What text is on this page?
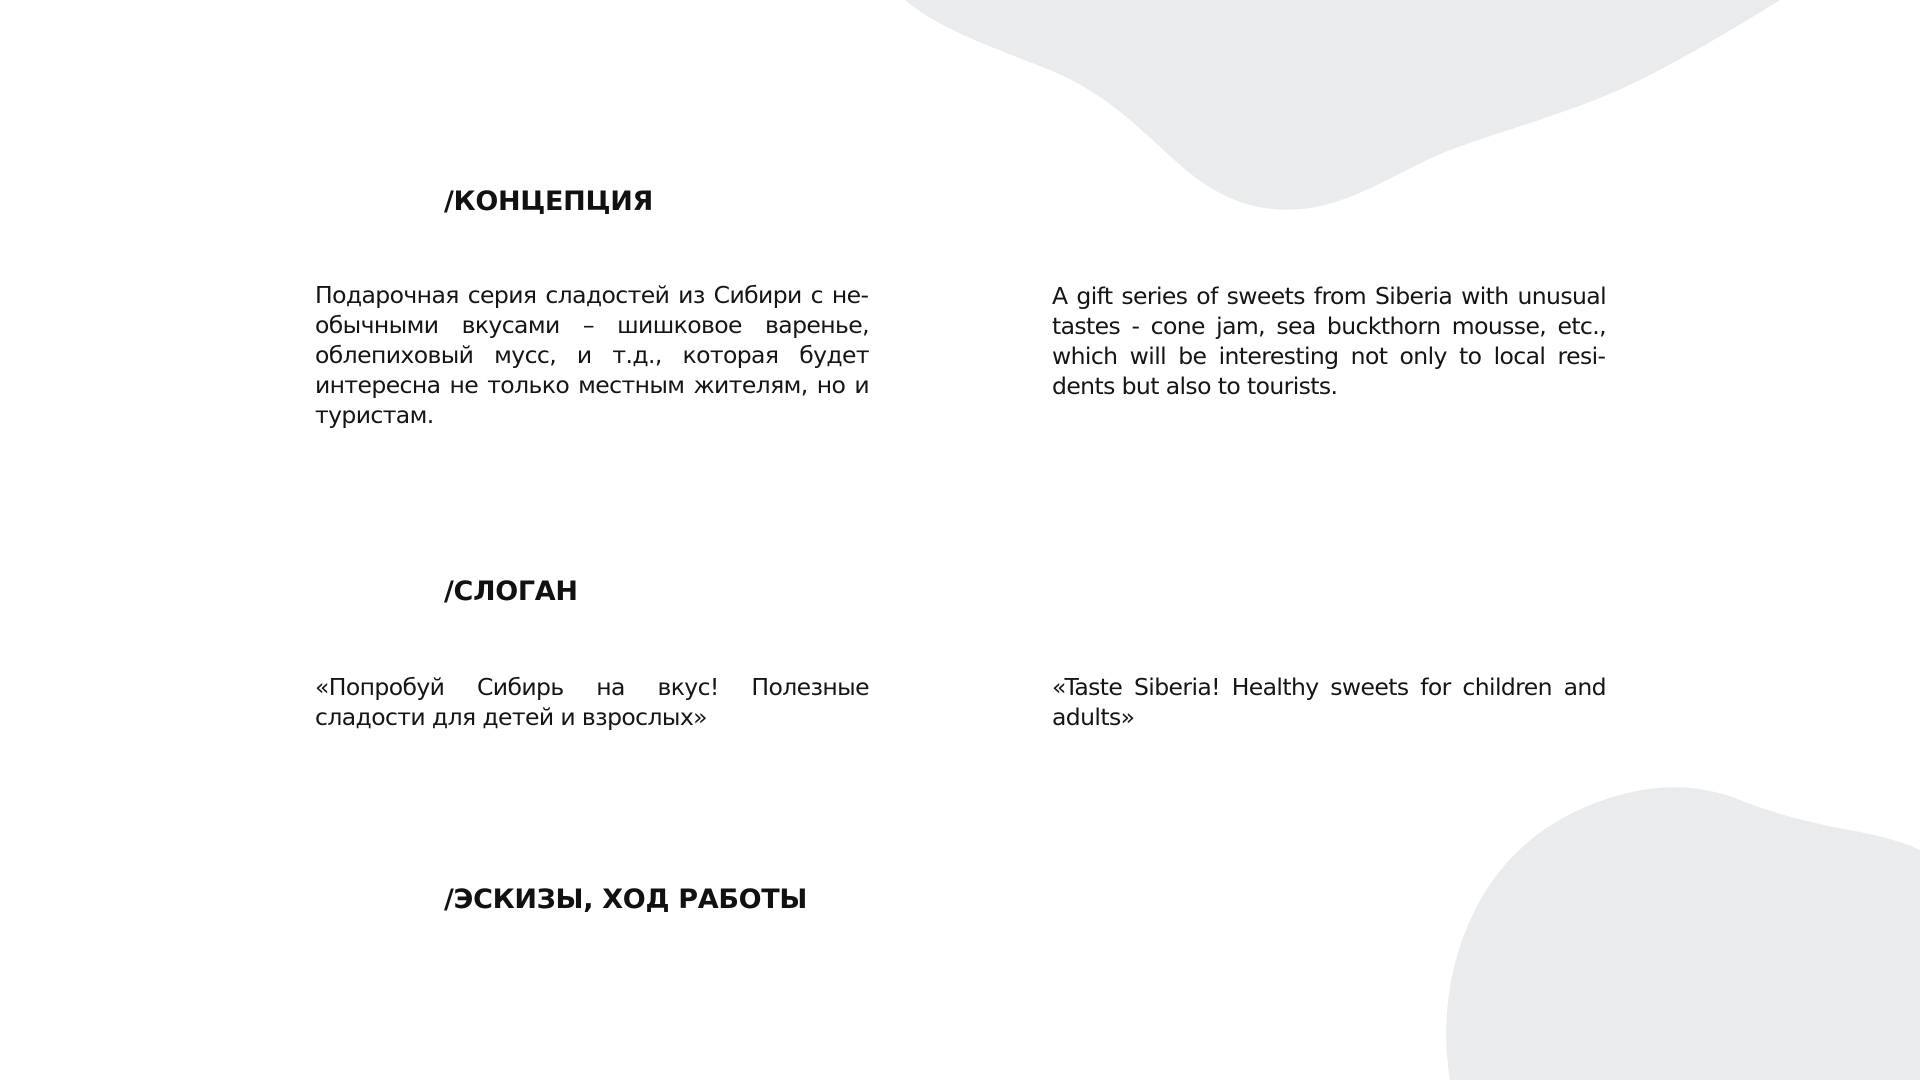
/КОНЦЕПЦИЯ

Подарочная серия сладостей из Сибири с необычными вкусами – шишковое варенье, облепиховый мусс, и т.д., которая будет интересна не только местным жителям, но и туристам.

A gift series of sweets from Siberia with unusual tastes - cone jam, sea buckthorn mousse, etc., which will be interesting not only to local residents but also to tourists.

/СЛОГАН

«Попробуй Сибирь на вкус! Полезные сладости для детей и взрослых»

«Taste Siberia! Healthy sweets for children and adults»

/ЭСКИЗЫ, ХОД РАБОТЫ
